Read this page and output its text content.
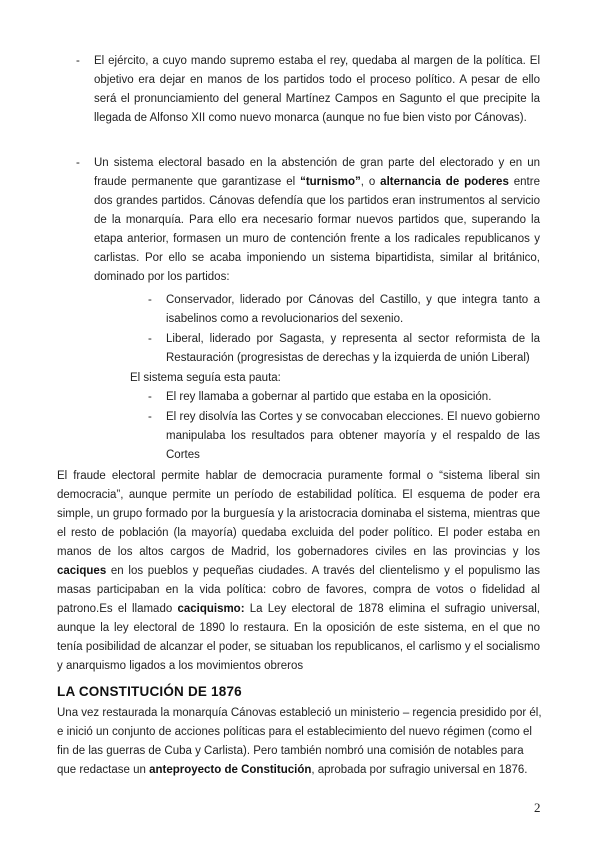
- El ejército, a cuyo mando supremo estaba el rey, quedaba al margen de la política. El objetivo era dejar en manos de los partidos todo el proceso político. A pesar de ello será el pronunciamiento del general Martínez Campos en Sagunto el que precipite la llegada de Alfonso XII como nuevo monarca (aunque no fue bien visto por Cánovas).

- Un sistema electoral basado en la abstención de gran parte del electorado y en un fraude permanente que garantizase el “turnismo”, o alternancia de poderes entre dos grandes partidos. Cánovas defendía que los partidos eran instrumentos al servicio de la monarquía. Para ello era necesario formar nuevos partidos que, superando la etapa anterior, formasen un muro de contención frente a los radicales republicanos y carlistas. Por ello se acaba imponiendo un sistema bipartidista, similar al británico, dominado por los partidos:

- Conservador, liderado por Cánovas del Castillo, y que integra tanto a isabelinos como a revolucionarios del sexenio.

- Liberal, liderado por Sagasta, y representa al sector reformista de la Restauración (progresistas de derechas y la izquierda de unión Liberal)

El sistema seguía esta pauta:

- El rey llamaba a gobernar al partido que estaba en la oposición.

- El rey disolvía las Cortes y se convocaban elecciones. El nuevo gobierno manipulaba los resultados para obtener mayoría y el respaldo de las Cortes

El fraude electoral permite hablar de democracia puramente formal o “sistema liberal sin democracia”, aunque permite un período de estabilidad política. El esquema de poder era simple, un grupo formado por la burguesía y la aristocracia dominaba el sistema, mientras que el resto de población (la mayoría) quedaba excluida del poder político. El poder estaba en manos de los altos cargos de Madrid, los gobernadores civiles en las provincias y los caciques en los pueblos y pequeñas ciudades. A través del clientelismo y el populismo las masas participaban en la vida política: cobro de favores, compra de votos o fidelidad al patrono.Es el llamado caciquismo: La Ley electoral de 1878 elimina el sufragio universal, aunque la ley electoral de 1890 lo restaura. En la oposición de este sistema, en el que no tenía posibilidad de alcanzar el poder, se situaban los republicanos, el carlismo y el socialismo y anarquismo ligados a los movimientos obreros

LA CONSTITUCIÓN DE 1876

Una vez restaurada la monarquía Cánovas estableció un ministerio – regencia presidido por él, e inició un conjunto de acciones políticas para el establecimiento del nuevo régimen (como el fin de las guerras de Cuba y Carlista). Pero también nombró una comisión de notables para que redactase un anteproyecto de Constitución, aprobada por sufragio universal en 1876.

2
